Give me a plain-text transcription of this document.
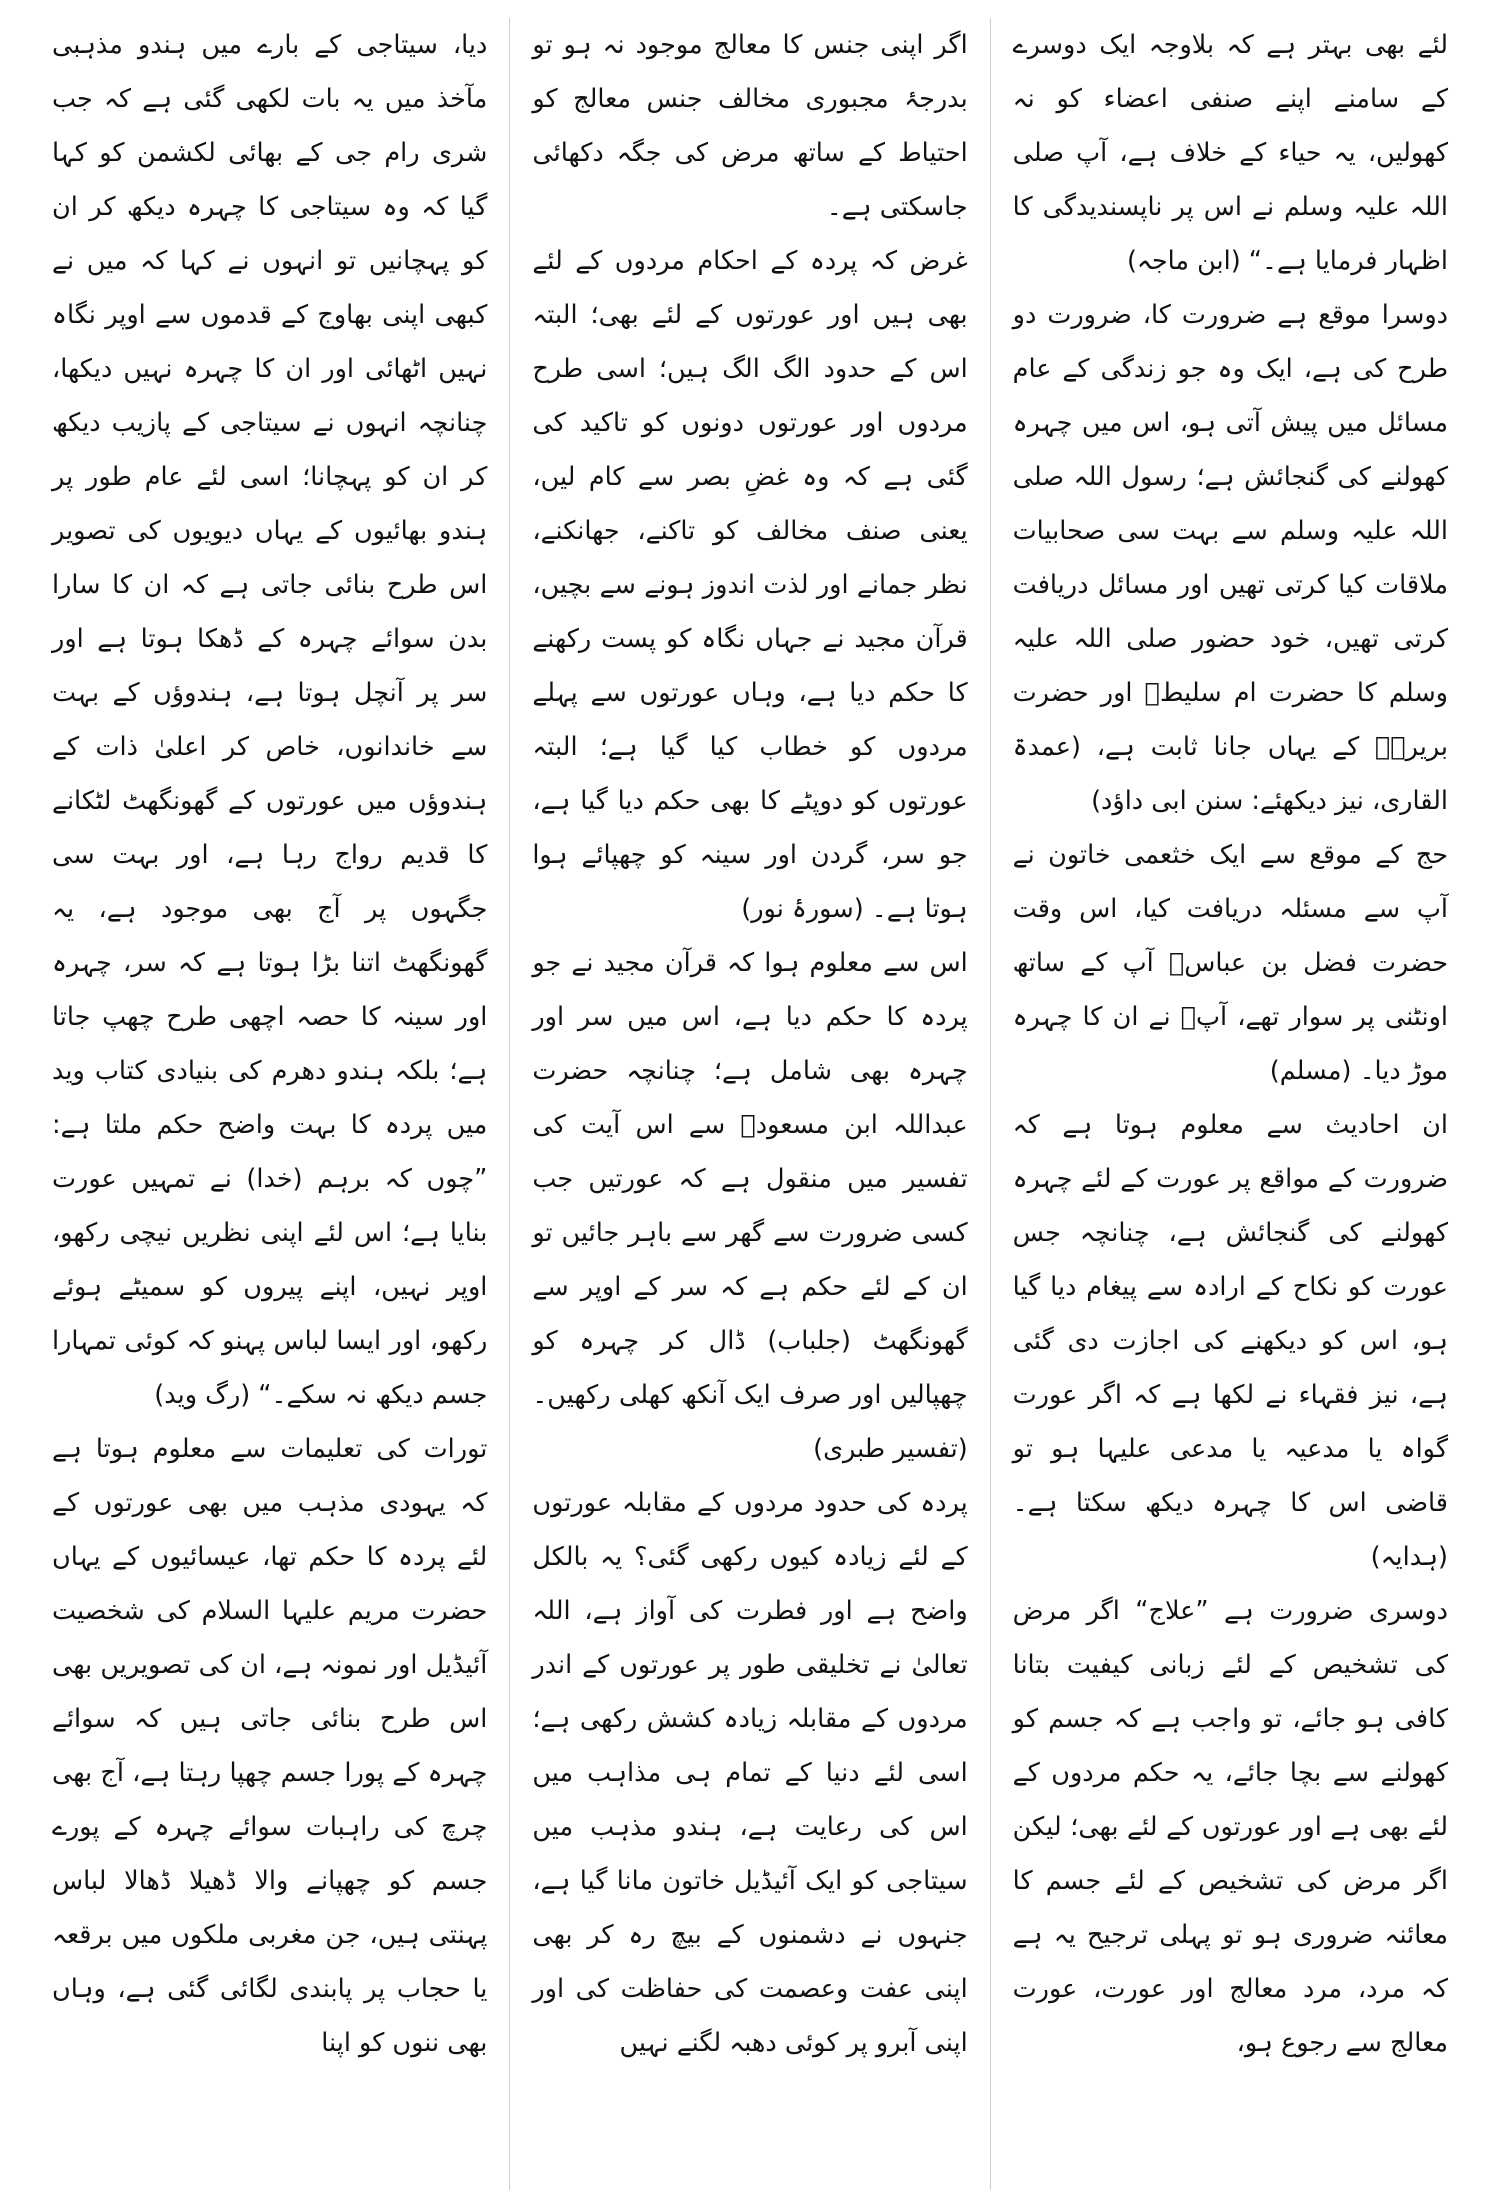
لئے بھی بہتر ہے کہ بلاوجہ ایک دوسرے کے سامنے اپنے صنفی اعضاء کو نہ کھولیں، یہ حیاء کے خلاف ہے، آپ صلی اللہ علیہ وسلم نے اس پر ناپسندیدگی کا اظہار فرمایا ہے۔“ (ابن ماجہ)

دوسرا موقع ہے ضرورت کا، ضرورت دو طرح کی ہے، ایک وہ جو زندگی کے عام مسائل میں پیش آتی ہو، اس میں چہرہ کھولنے کی گنجائش ہے؛ رسول اللہ صلی اللہ علیہ وسلم سے بہت سی صحابیات ملاقات کیا کرتی تھیں اور مسائل دریافت کرتی تھیں، خود حضور صلی اللہ علیہ وسلم کا حضرت ام سلیطؓ اور حضرت بریرہؓ کے یہاں جانا ثابت ہے، (عمدۃ القاری، نیز دیکھئے: سنن ابی داؤد)

حج کے موقع سے ایک خثعمی خاتون نے آپ سے مسئلہ دریافت کیا، اس وقت حضرت فضل بن عباسؓ آپ کے ساتھ اونٹنی پر سوار تھے، آپؐ نے ان کا چہرہ موڑ دیا۔ (مسلم)

ان احادیث سے معلوم ہوتا ہے کہ ضرورت کے مواقع پر عورت کے لئے چہرہ کھولنے کی گنجائش ہے، چنانچہ جس عورت کو نکاح کے ارادہ سے پیغام دیا گیا ہو، اس کو دیکھنے کی اجازت دی گئی ہے، نیز فقہاء نے لکھا ہے کہ اگر عورت گواہ یا مدعیہ یا مدعی علیہا ہو تو قاضی اس کا چہرہ دیکھ سکتا ہے۔ (ہدایہ)

دوسری ضرورت ہے ”علاج“ اگر مرض کی تشخیص کے لئے زبانی کیفیت بتانا کافی ہو جائے، تو واجب ہے کہ جسم کو کھولنے سے بچا جائے، یہ حکم مردوں کے لئے بھی ہے اور عورتوں کے لئے بھی؛ لیکن اگر مرض کی تشخیص کے لئے جسم کا معائنہ ضروری ہو تو پہلی ترجیح یہ ہے کہ مرد، مرد معالج اور عورت، عورت معالج سے رجوع ہو،

اگر اپنی جنس کا معالج موجود نہ ہو تو بدرجۂ مجبوری مخالف جنس معالج کو احتیاط کے ساتھ مرض کی جگہ دکھائی جاسکتی ہے۔

غرض کہ پردہ کے احکام مردوں کے لئے بھی ہیں اور عورتوں کے لئے بھی؛ البتہ اس کے حدود الگ الگ ہیں؛ اسی طرح مردوں اور عورتوں دونوں کو تاکید کی گئی ہے کہ وہ غضِ بصر سے کام لیں، یعنی صنف مخالف کو تاکنے، جھانکنے، نظر جمانے اور لذت اندوز ہونے سے بچیں، قرآن مجید نے جہاں نگاہ کو پست رکھنے کا حکم دیا ہے، وہاں عورتوں سے پہلے مردوں کو خطاب کیا گیا ہے؛ البتہ عورتوں کو دوپٹے کا بھی حکم دیا گیا ہے، جو سر، گردن اور سینہ کو چھپائے ہوا ہوتا ہے۔ (سورۂ نور)

اس سے معلوم ہوا کہ قرآن مجید نے جو پردہ کا حکم دیا ہے، اس میں سر اور چہرہ بھی شامل ہے؛ چنانچہ حضرت عبداللہ ابن مسعودؓ سے اس آیت کی تفسیر میں منقول ہے کہ عورتیں جب کسی ضرورت سے گھر سے باہر جائیں تو ان کے لئے حکم ہے کہ سر کے اوپر سے گھونگھٹ (جلباب) ڈال کر چہرہ کو چھپالیں اور صرف ایک آنکھ کھلی رکھیں۔ (تفسیر طبری)

پردہ کی حدود مردوں کے مقابلہ عورتوں کے لئے زیادہ کیوں رکھی گئی؟ یہ بالکل واضح ہے اور فطرت کی آواز ہے، اللہ تعالیٰ نے تخلیقی طور پر عورتوں کے اندر مردوں کے مقابلہ زیادہ کشش رکھی ہے؛ اسی لئے دنیا کے تمام ہی مذاہب میں اس کی رعایت ہے، ہندو مذہب میں سیتاجی کو ایک آئیڈیل خاتون مانا گیا ہے، جنہوں نے دشمنوں کے بیچ رہ کر بھی اپنی عفت وعصمت کی حفاظت کی اور اپنی آبرو پر کوئی دھبہ لگنے نہیں

دیا، سیتاجی کے بارے میں ہندو مذہبی مآخذ میں یہ بات لکھی گئی ہے کہ جب شری رام جی کے بھائی لکشمن کو کہا گیا کہ وہ سیتاجی کا چہرہ دیکھ کر ان کو پہچانیں تو انہوں نے کہا کہ میں نے کبھی اپنی بھاوج کے قدموں سے اوپر نگاہ نہیں اٹھائی اور ان کا چہرہ نہیں دیکھا، چنانچہ انہوں نے سیتاجی کے پازیب دیکھ کر ان کو پہچانا؛ اسی لئے عام طور پر ہندو بھائیوں کے یہاں دیویوں کی تصویر اس طرح بنائی جاتی ہے کہ ان کا سارا بدن سوائے چہرہ کے ڈھکا ہوتا ہے اور سر پر آنچل ہوتا ہے، ہندوؤں کے بہت سے خاندانوں، خاص کر اعلیٰ ذات کے ہندوؤں میں عورتوں کے گھونگھٹ لٹکانے کا قدیم رواج رہا ہے، اور بہت سی جگہوں پر آج بھی موجود ہے، یہ گھونگھٹ اتنا بڑا ہوتا ہے کہ سر، چہرہ اور سینہ کا حصہ اچھی طرح چھپ جاتا ہے؛ بلکہ ہندو دھرم کی بنیادی کتاب وید میں پردہ کا بہت واضح حکم ملتا ہے: ”چوں کہ برہم (خدا) نے تمہیں عورت بنایا ہے؛ اس لئے اپنی نظریں نیچی رکھو، اوپر نہیں، اپنے پیروں کو سمیٹے ہوئے رکھو، اور ایسا لباس پہنو کہ کوئی تمہارا جسم دیکھ نہ سکے۔“ (رگ وید)

تورات کی تعلیمات سے معلوم ہوتا ہے کہ یہودی مذہب میں بھی عورتوں کے لئے پردہ کا حکم تھا، عیسائیوں کے یہاں حضرت مریم علیہا السلام کی شخصیت آئیڈیل اور نمونہ ہے، ان کی تصویریں بھی اس طرح بنائی جاتی ہیں کہ سوائے چہرہ کے پورا جسم چھپا رہتا ہے، آج بھی چرچ کی راہبات سوائے چہرہ کے پورے جسم کو چھپانے والا ڈھیلا ڈھالا لباس پہنتی ہیں، جن مغربی ملکوں میں برقعہ یا حجاب پر پابندی لگائی گئی ہے، وہاں بھی ننوں کو اپنا
